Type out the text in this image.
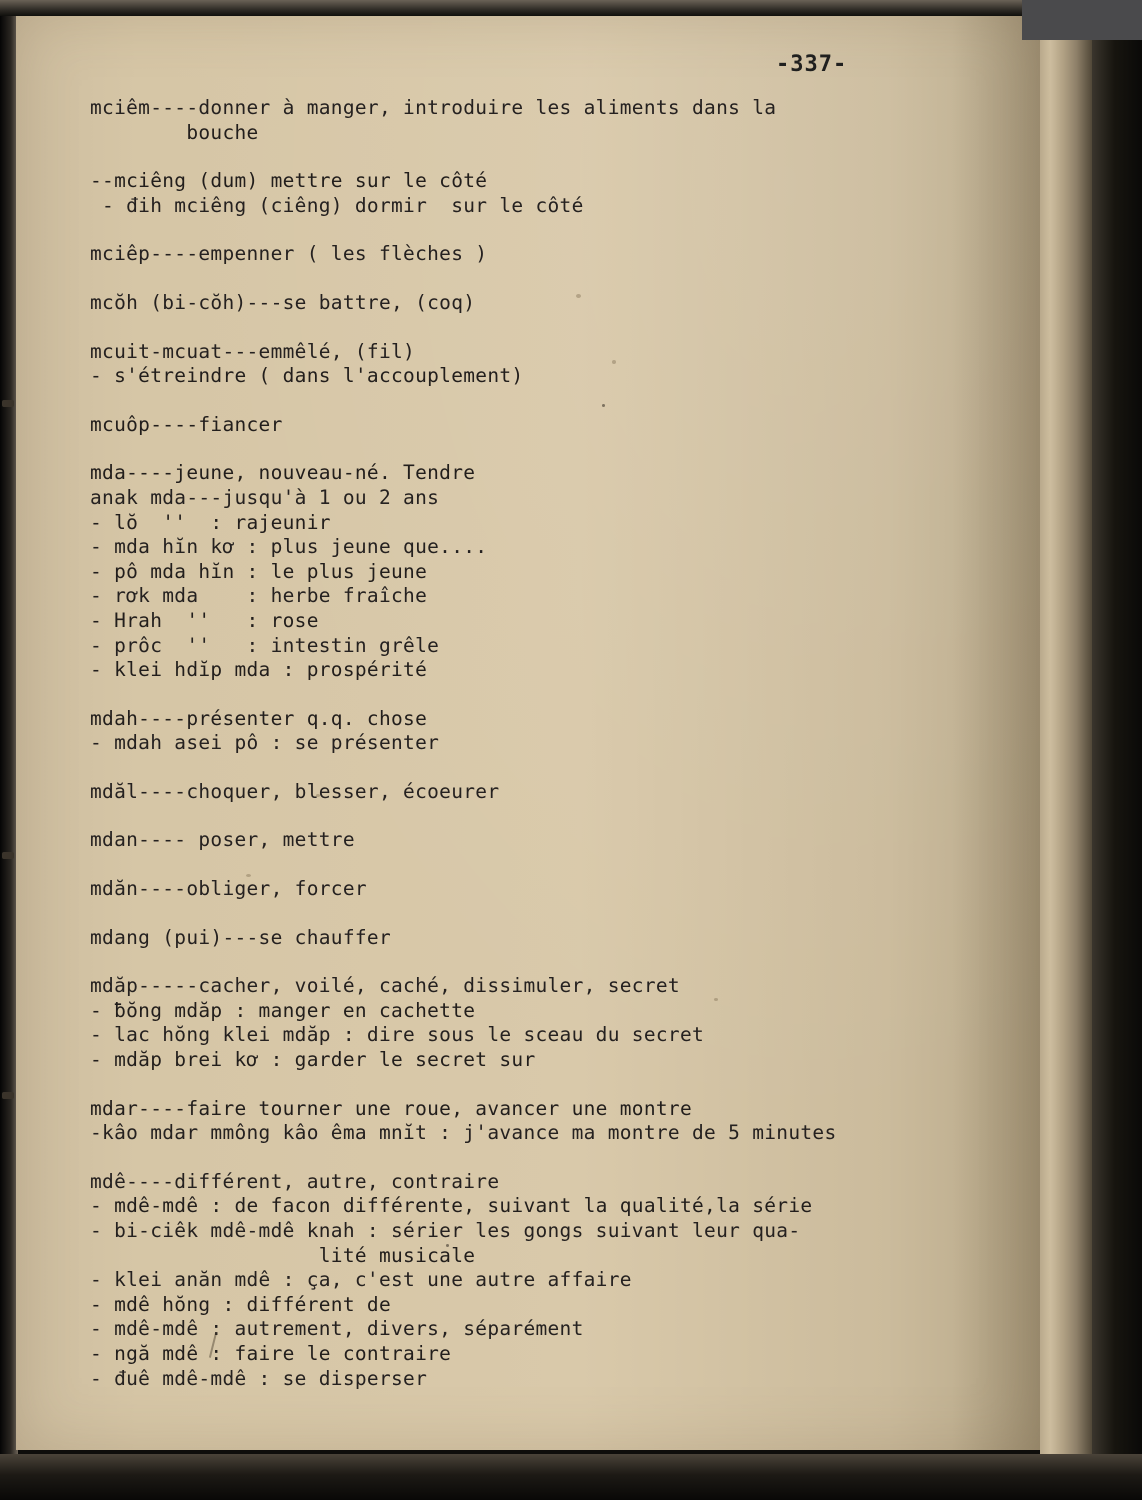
-337-
mciêm----donner à manger, introduire les aliments dans la
bouche
--mciêng (dum) mettre sur le côté
- đih mciêng (ciêng) dormir  sur le côté
mciêp----empenner ( les flèches )
mcŏh (bi-cŏh)---se battre, (coq)
mcuit-mcuat---emmêlé, (fil)
- s'étreindre ( dans l'accouplement)
mcuôp----fiancer
mda----jeune, nouveau-né. Tendre
anak mda---jusqu'à 1 ou 2 ans
- lŏ  ''  : rajeunir
- mda hĭn kơ : plus jeune que....
- pô mda hĭn : le plus jeune
- rơk mda    : herbe fraîche
- Hrah  ''   : rose
- prôc  ''   : intestin grêle
- klei hdĭp mda : prospérité
mdah----présenter q.q. chose
- mdah asei pô : se présenter
mdăl----choquer, blesser, écoeurer
mdan---- poser, mettre
mdăn----obliger, forcer
mdang (pui)---se chauffer
mdăp-----cacher, voilé, caché, dissimuler, secret
- ƀŏng mdăp : manger en cachette
- lac hŏng klei mdăp : dire sous le sceau du secret
- mdăp brei kơ : garder le secret sur
mdar----faire tourner une roue, avancer une montre
-kâo mdar mmông kâo êma mnĭt : j'avance ma montre de 5 minutes
mdê----différent, autre, contraire
- mdê-mdê : de facon différente, suivant la qualité,la série
- bi-ciêk mdê-mdê knah : sérier les gongs suivant leur qua-
lité musicale
- klei anăn mdê : ça, c'est une autre affaire
- mdê hŏng : différent de
- mdê-mdê : autrement, divers, séparément
- ngă mdê : faire le contraire
- đuê mdê-mdê : se disperser
